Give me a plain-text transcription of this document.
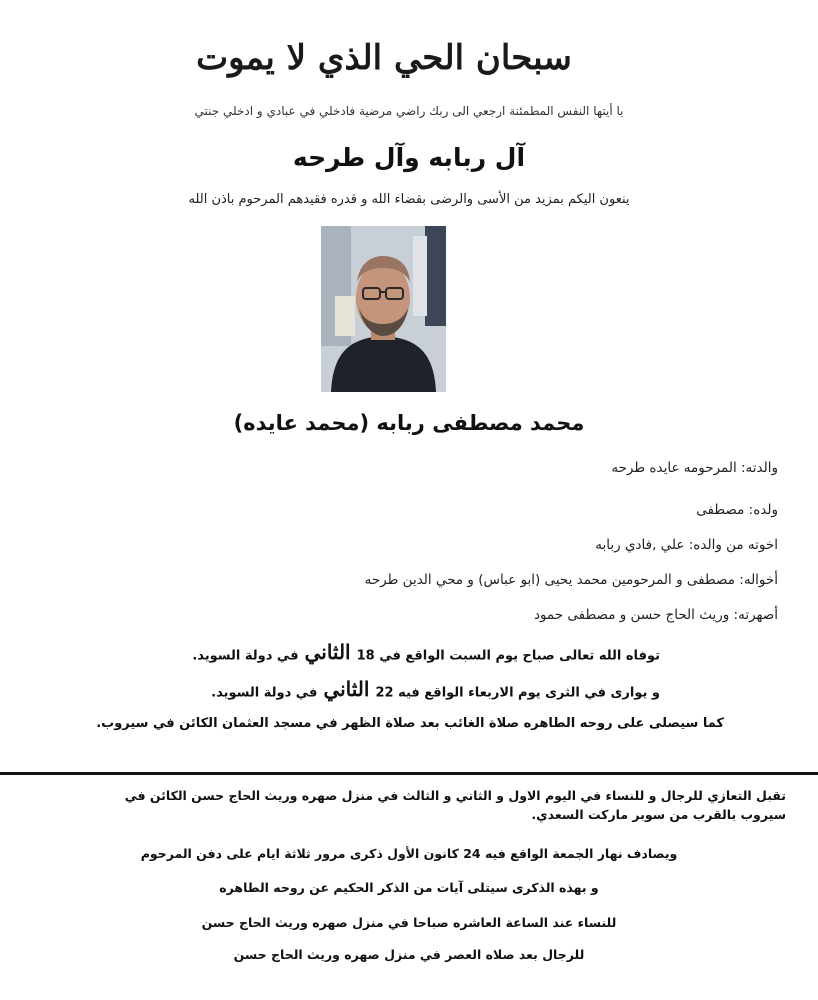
سبحان الحي الذي لا يموت
يا أيتها النفس المطمئنة ارجعي الى ربك راضي مرضية فادخلي في عبادي و ادخلي جنتي
آل ربابه وآل طرحه
ينعون اليكم بمزيد من الأسى والرضى بقضاء الله و قدره فقيدهم المرحوم باذن الله
محمد مصطفى ربابه (محمد عايده)
والدته: المرحومه عايده طرحه
ولده: مصطفى
اخوته من والده: علي ,فادي ربابه
أخواله: مصطفى و المرحومين محمد يحيى (ابو عباس) و محي الدين طرحه
أصهرته: وريث الحاج حسن و مصطفى حمود
توفاه الله تعالى صباح يوم السبت الواقع في 18الثانيفي دولة السويد.
و يوارى في الثرى يوم الاربعاء الواقع فيه 22الثانيفي دولة السويد.
كما سيصلى على روحه الطاهره صلاة الغائب بعد صلاة الظهر في مسجد العثمان الكائن في سيروب.
تقبل التعازي للرجال و للنساء في اليوم الاول و الثاني و الثالث في منزل صهره وريث الحاج حسن الكائن في سيروب بالقرب من سوبر ماركت السعدي.
ويصادف نهار الجمعة الواقع فيه 24 كانون الأول ذكرى مرور ثلاثة ايام على دفن المرحوم
و بهذه الذكرى سيتلى آيات من الذكر الحكيم عن روحه الطاهره
للنساء عند الساعة العاشره صباحا في منزل صهره وريث الحاج حسن
للرجال بعد صلاه العصر في منزل صهره وريث الحاج حسن
